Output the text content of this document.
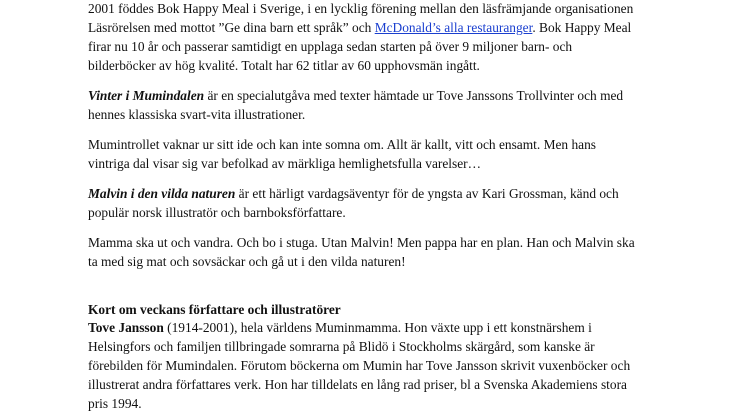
2001 föddes Bok Happy Meal i Sverige, i en lycklig förening mellan den läsfrämjande organisationen

Läsrörelsen med mottot ”Ge dina barn ett språk” och McDonald’s alla restauranger. Bok Happy Meal

firar nu 10 år och passerar samtidigt en upplaga sedan starten på över 9 miljoner barn- och

bilderböcker av hög kvalité. Totalt har 62 titlar av 60 upphovsmän ingått.

Vinter i Mumindalen är en specialutgåva med texter hämtade ur Tove Janssons Trollvinter och med

hennes klassiska svart-vita illustrationer.

Mumintrollet vaknar ur sitt ide och kan inte somna om. Allt är kallt, vitt och ensamt. Men hans

vintriga dal visar sig var befolkad av märkliga hemlighetsfulla varelser…

Malvin i den vilda naturen är ett härligt vardagsäventyr för de yngsta av Kari Grossman, känd och

populär norsk illustratör och barnboksförfattare.

Mamma ska ut och vandra. Och bo i stuga. Utan Malvin! Men pappa har en plan. Han och Malvin ska

ta med sig mat och sovsäckar och gå ut i den vilda naturen!

Kort om veckans författare och illustratörer

Tove Jansson (1914-2001), hela världens Muminmamma. Hon växte upp i ett konstnärshem i

Helsingfors och familjen tillbringade somrarna på Blidö i Stockholms skärgård, som kanske är

förebilden för Mumindalen. Förutom böckerna om Mumin har Tove Jansson skrivit vuxenböcker och

illustrerat andra författares verk. Hon har tilldelats en lång rad priser, bl a Svenska Akademiens stora

pris 1994.
